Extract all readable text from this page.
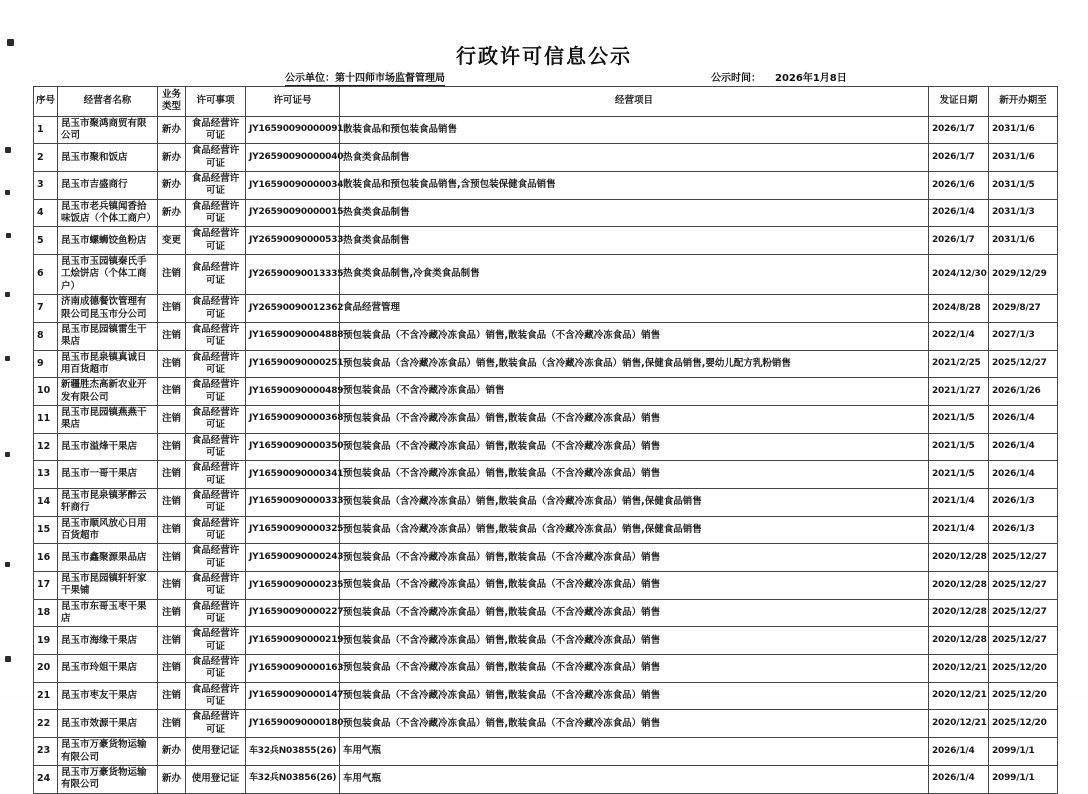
行政许可信息公示
公示单位：第十四师市场监督管理局	公示时间： 2026年1月8日
序号	经营者名称	业务类型	许可事项	许可证号	经营项目	发证日期	新开办期至
1	昆玉市聚鸿商贸有限公司	新办	食品经营许可证	JY16590090000091	散装食品和预包装食品销售	2026/1/7	2031/1/6
2	昆玉市聚和饭店	新办	食品经营许可证	JY26590090000040	热食类食品制售	2026/1/7	2031/1/6
3	昆玉市吉盛商行	新办	食品经营许可证	JY16590090000034	散装食品和预包装食品销售,含预包装保健食品销售	2026/1/6	2031/1/5
4	昆玉市老兵镇闻香拾味饭店（个体工商户）	新办	食品经营许可证	JY26590090000015	热食类食品制售	2026/1/4	2031/1/3
5	昆玉市螺蛳饺鱼粉店	变更	食品经营许可证	JY26590090000533	热食类食品制售	2026/1/7	2031/1/6
6	昆玉市玉园镇秦氏手工烩饼店（个体工商户）	注销	食品经营许可证	JY26590090013335	热食类食品制售,冷食类食品制售	2024/12/30	2029/12/29
7	济南成德餐饮管理有限公司昆玉市分公司	注销	食品经营许可证	JY26590090012362	食品经营管理	2024/8/28	2029/8/27
8	昆玉市昆园镇雷生干果店	注销	食品经营许可证	JY16590090004888	预包装食品（不含冷藏冷冻食品）销售,散装食品（不含冷藏冷冻食品）销售	2022/1/4	2027/1/3
9	昆玉市昆泉镇真诚日用百货超市	注销	食品经营许可证	JY16590090000251	预包装食品（含冷藏冷冻食品）销售,散装食品（含冷藏冷冻食品）销售,保健食品销售,婴幼儿配方乳粉销售	2021/2/25	2025/12/27
10	新疆胜杰高新农业开发有限公司	注销	食品经营许可证	JY16590090000489	预包装食品（不含冷藏冷冻食品）销售	2021/1/27	2026/1/26
11	昆玉市昆园镇燕燕干果店	注销	食品经营许可证	JY16590090000368	预包装食品（不含冷藏冷冻食品）销售,散装食品（不含冷藏冷冻食品）销售	2021/1/5	2026/1/4
12	昆玉市溢烽干果店	注销	食品经营许可证	JY16590090000350	预包装食品（不含冷藏冷冻食品）销售,散装食品（不含冷藏冷冻食品）销售	2021/1/5	2026/1/4
13	昆玉市一哥干果店	注销	食品经营许可证	JY16590090000341	预包装食品（不含冷藏冷冻食品）销售,散装食品（不含冷藏冷冻食品）销售	2021/1/5	2026/1/4
14	昆玉市昆泉镇茅醉云轩商行	注销	食品经营许可证	JY16590090000333	预包装食品（含冷藏冷冻食品）销售,散装食品（含冷藏冷冻食品）销售,保健食品销售	2021/1/4	2026/1/3
15	昆玉市顺风放心日用百货超市	注销	食品经营许可证	JY16590090000325	预包装食品（含冷藏冷冻食品）销售,散装食品（含冷藏冷冻食品）销售,保健食品销售	2021/1/4	2026/1/3
16	昆玉市鑫聚源果品店	注销	食品经营许可证	JY16590090000243	预包装食品（不含冷藏冷冻食品）销售,散装食品（不含冷藏冷冻食品）销售	2020/12/28	2025/12/27
17	昆玉市昆园镇轩轩家干果铺	注销	食品经营许可证	JY16590090000235	预包装食品（不含冷藏冷冻食品）销售,散装食品（不含冷藏冷冻食品）销售	2020/12/28	2025/12/27
18	昆玉市东哥玉枣干果店	注销	食品经营许可证	JY16590090000227	预包装食品（不含冷藏冷冻食品）销售,散装食品（不含冷藏冷冻食品）销售	2020/12/28	2025/12/27
19	昆玉市海缘干果店	注销	食品经营许可证	JY16590090000219	预包装食品（不含冷藏冷冻食品）销售,散装食品（不含冷藏冷冻食品）销售	2020/12/28	2025/12/27
20	昆玉市玲姐干果店	注销	食品经营许可证	JY16590090000163	预包装食品（不含冷藏冷冻食品）销售,散装食品（不含冷藏冷冻食品）销售	2020/12/21	2025/12/20
21	昆玉市枣友干果店	注销	食品经营许可证	JY16590090000147	预包装食品（不含冷藏冷冻食品）销售,散装食品（不含冷藏冷冻食品）销售	2020/12/21	2025/12/20
22	昆玉市效源干果店	注销	食品经营许可证	JY16590090000180	预包装食品（不含冷藏冷冻食品）销售,散装食品（不含冷藏冷冻食品）销售	2020/12/21	2025/12/20
23	昆玉市万豪货物运输有限公司	新办	使用登记证	车32兵N03855(26)	车用气瓶	2026/1/4	2099/1/1
24	昆玉市万豪货物运输有限公司	新办	使用登记证	车32兵N03856(26)	车用气瓶	2026/1/4	2099/1/1
